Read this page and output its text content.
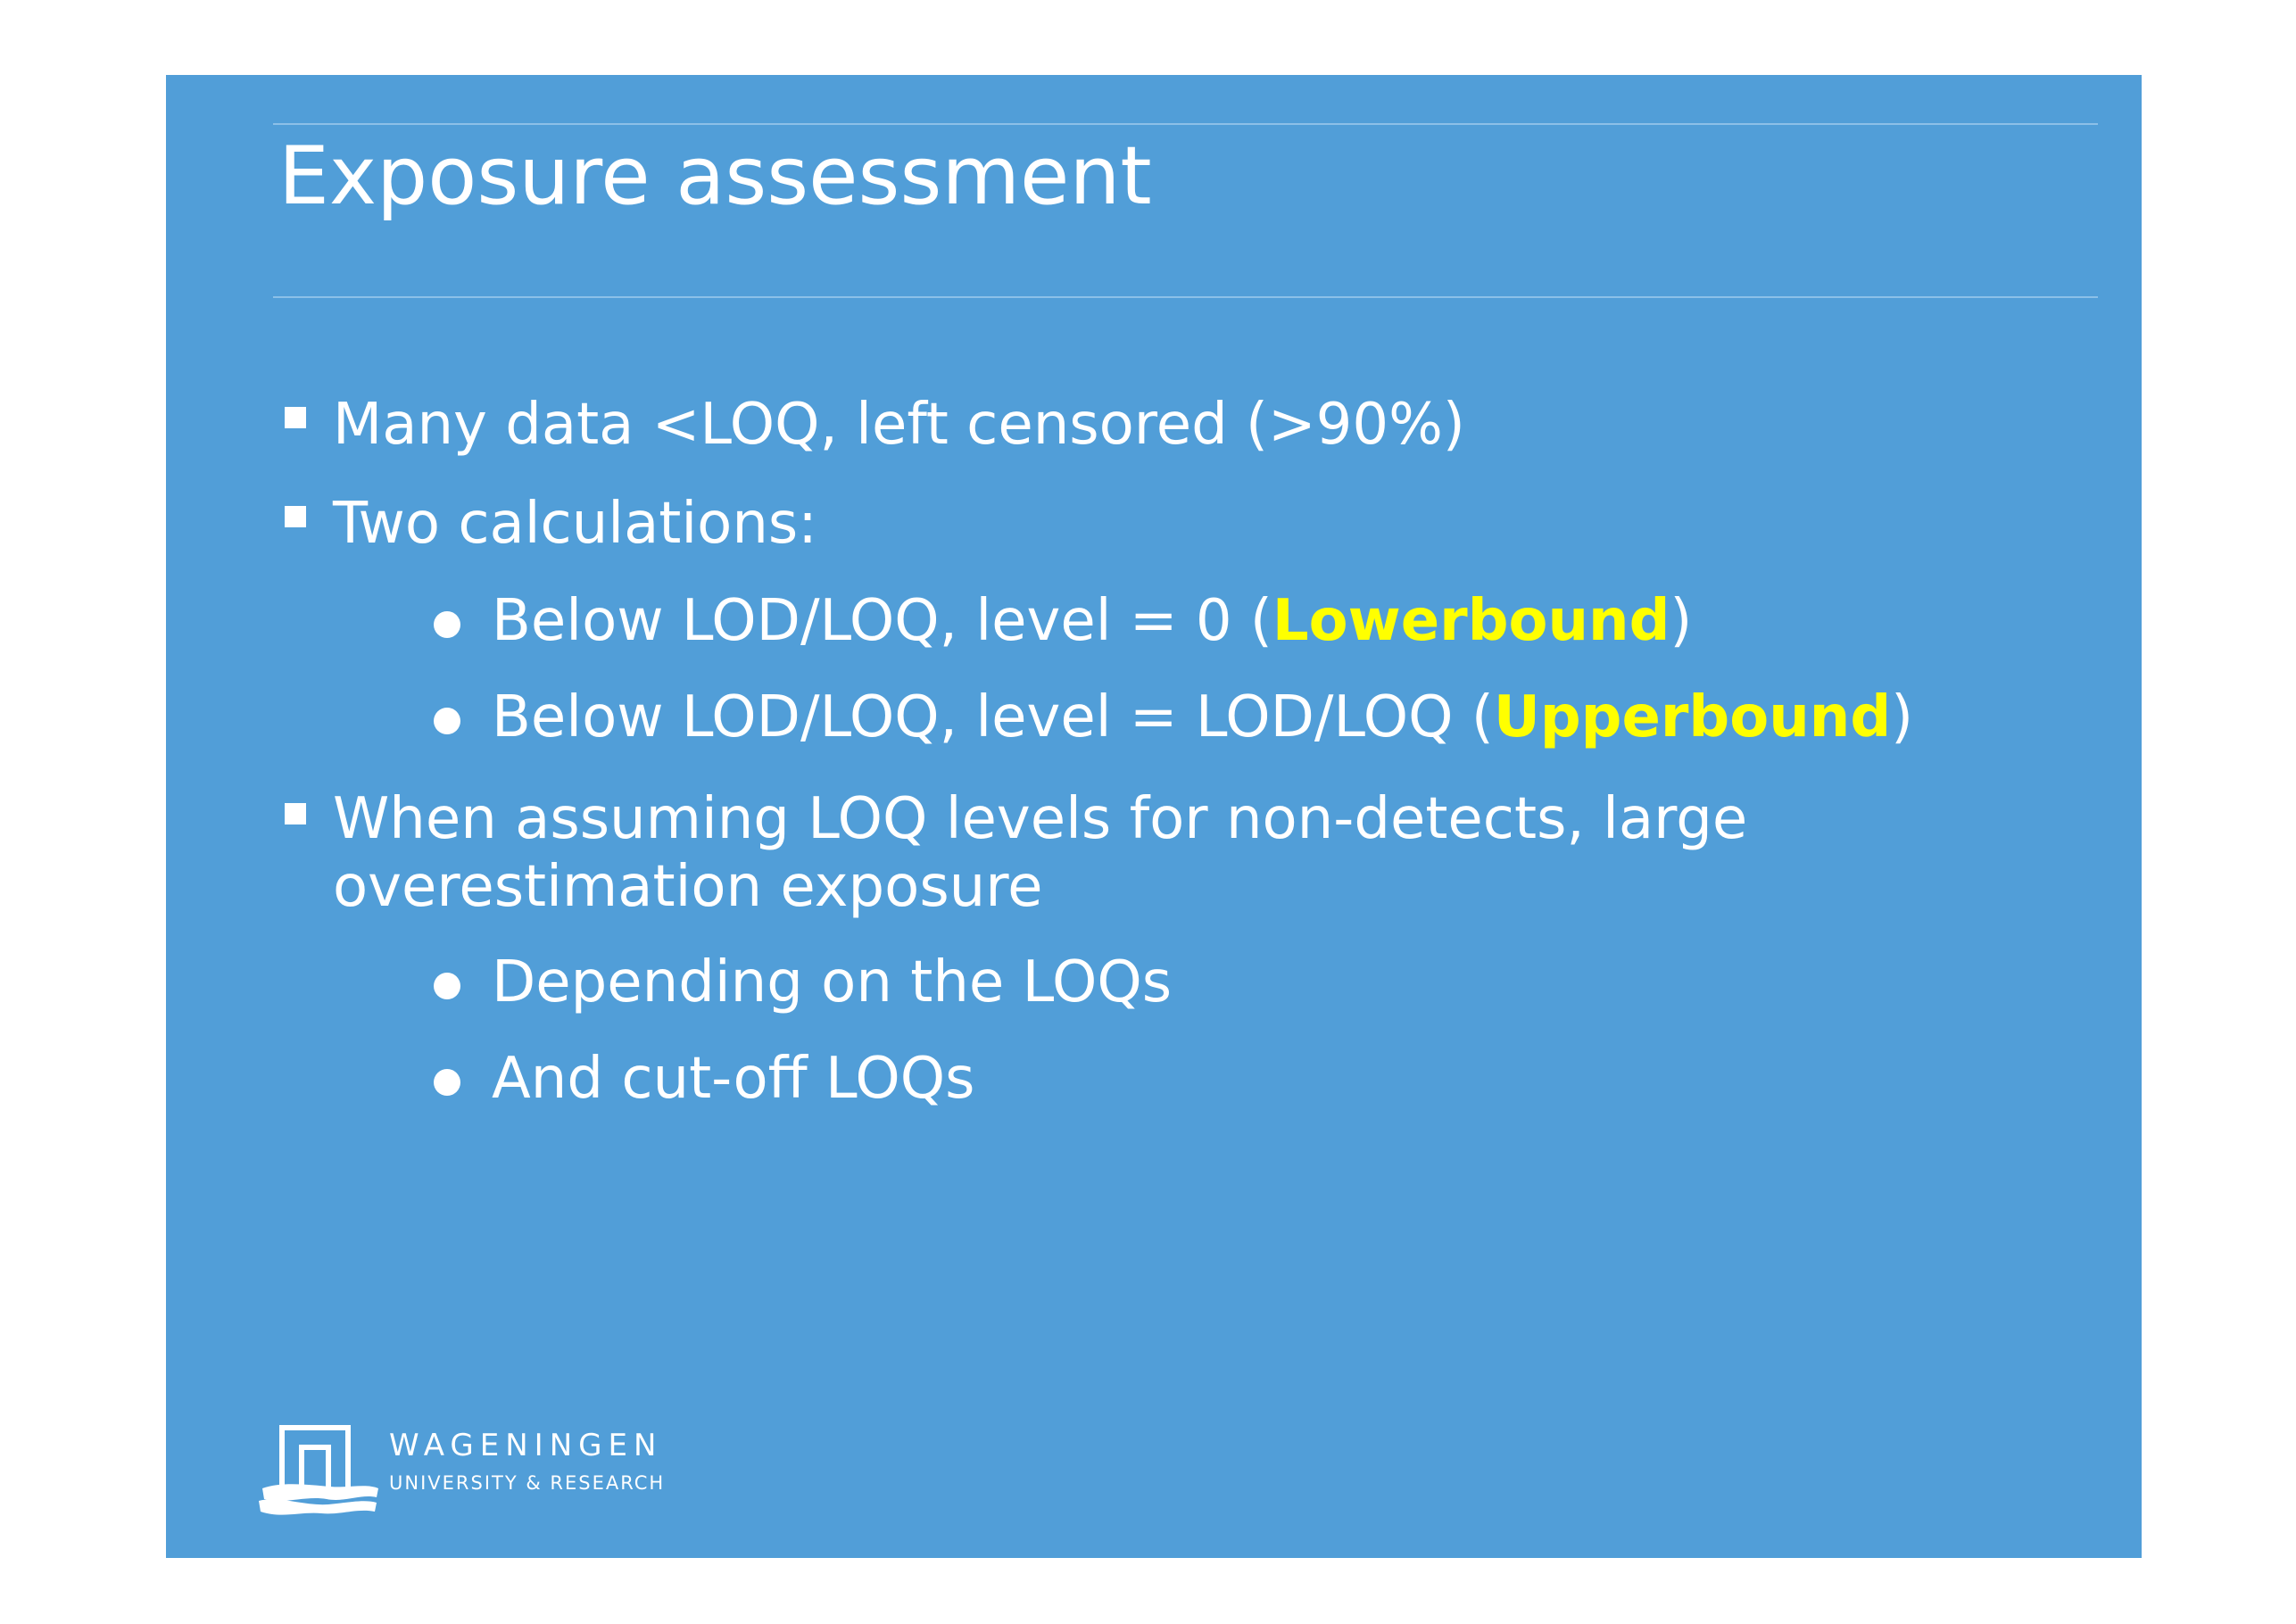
Exposure assessment
Many data <LOQ, left censored (>90%)
Two calculations:
Below LOD/LOQ, level = 0 (Lowerbound)
Below LOD/LOQ, level = LOD/LOQ (Upperbound)
When assuming LOQ levels for non-detects, large
overestimation exposure
Depending on the LOQs
And cut-off LOQs
WAGENINGEN
UNIVERSITY & RESEARCH
